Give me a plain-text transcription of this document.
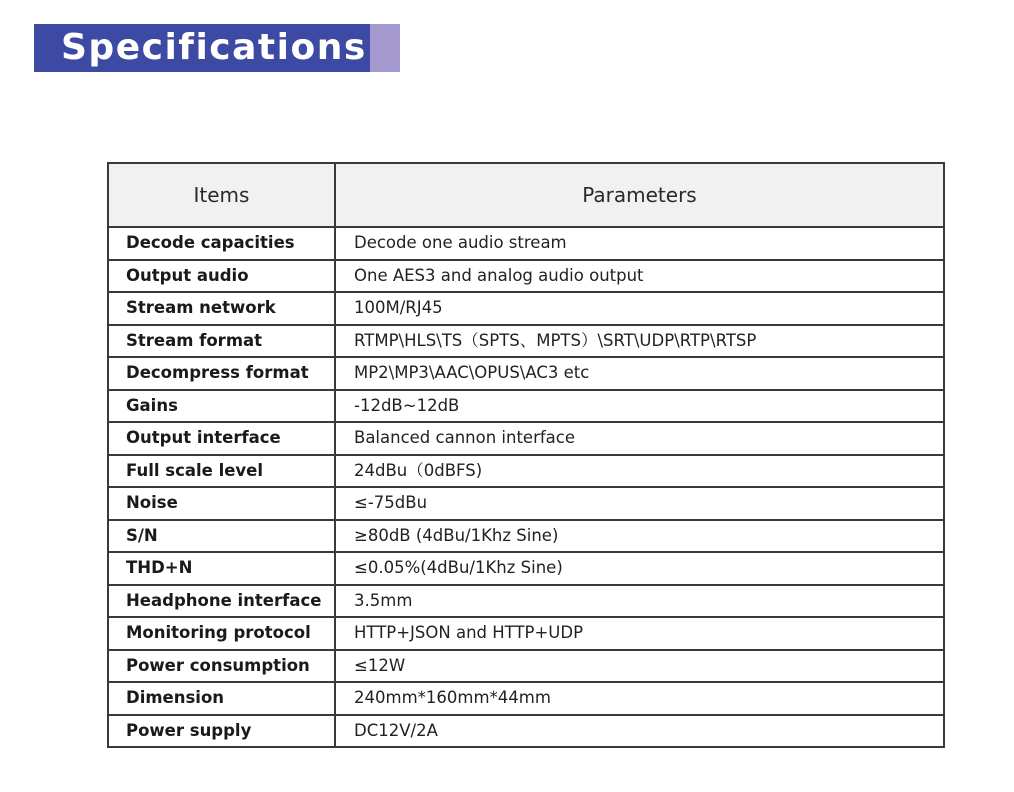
Specifications
Items	Parameters
Decode capacities	Decode one audio stream
Output audio	One AES3 and analog audio output
Stream network	100M/RJ45
Stream format	RTMP\HLS\TS（SPTS、MPTS）\SRT\UDP\RTP\RTSP
Decompress format	MP2\MP3\AAC\OPUS\AC3 etc
Gains	-12dB~12dB
Output interface	Balanced cannon interface
Full scale level	24dBu（0dBFS)
Noise	≤-75dBu
S/N	≥80dB (4dBu/1Khz Sine)
THD+N	≤0.05%(4dBu/1Khz Sine)
Headphone interface	3.5mm
Monitoring protocol	HTTP+JSON and HTTP+UDP
Power consumption	≤12W
Dimension	240mm*160mm*44mm
Power supply	DC12V/2A
